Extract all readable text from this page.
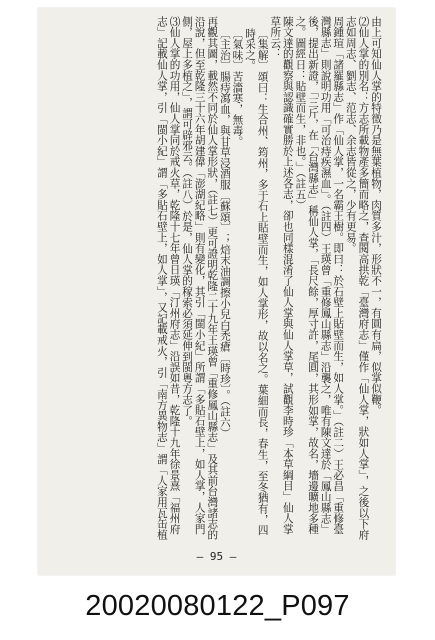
由上可知仙人掌的特徵乃是無葉植物，肉質多汁，形狀不一，有圓有扁，似掌似鞭。

⑵仙人掌的別名：方志所載物產多簡而略之，查閱高拱乾「臺灣府志」僅作「仙人掌，狀如人掌」，之後以下府志如周志、劉志、范志、余志皆從之，少有更易。

周鍾瑄「諸羅縣志」作「仙人掌，一名霸王樹。即曰：於石壁上貼壁而生，如人掌。」（註二）王必昌「重修臺灣縣志」則說明功用「可治痔疾濕血」。（註四）王瑛曾「重修鳳山縣志」沿襲之，唯有陳文達於「鳳山縣志」後，提出新證，「三斤，在「台灣縣志」稱仙人掌，「長尺餘，厚寸許，尾圓，其形如掌，故名，墻邊曠地多種之。圖經日：貼壁而生，非也。」（註五）

陳文達的觀察與認識確實勝於上述各志，卻也同樣混淆了仙人掌與仙人掌草，試觀李時珍「本草綱目」仙人掌草所云：

〔集解〕頌曰：生合州、筠州，多于石上貼壁而生，如人掌形，故以名之。葉細而長，春生，至冬猶有，四時采之。

〔氣味〕苦濇寒，無毒。

〔主治〕腸痔瀉血，與甘草浸酒服〔蘇頌〕；焙末油調擦小兒白禿瘡〔時珍〕。（註六）

再觀其圖，載然不同於仙人掌形狀，（註七）更可證明乾隆二十九年王瑛曾「重修鳳山縣志」及其前台灣諸志的沿說，但至乾隆三十六年胡建偉「澎湖紀略」則有變化，其引「閩小紀」所謂「多貼石壁上，如人掌，人家門側，屋上多植之」，謂可辟邪云。（註八）於是，仙人掌的稼索必須延伸到閩粵方志了。

⑶仙人掌的功用，仙人掌同於戒火草，乾隆十七年曾日瑛「汀州府志」沿誤如昔，乾隆十九年徐景熹「福州府志」記載仙人掌，引「閩小紀」謂「多貼石壁上，如人掌」，又記載戒火，引「南方異物志」謂「人家用瓦缶植

— 95 —
20020080122_P097
